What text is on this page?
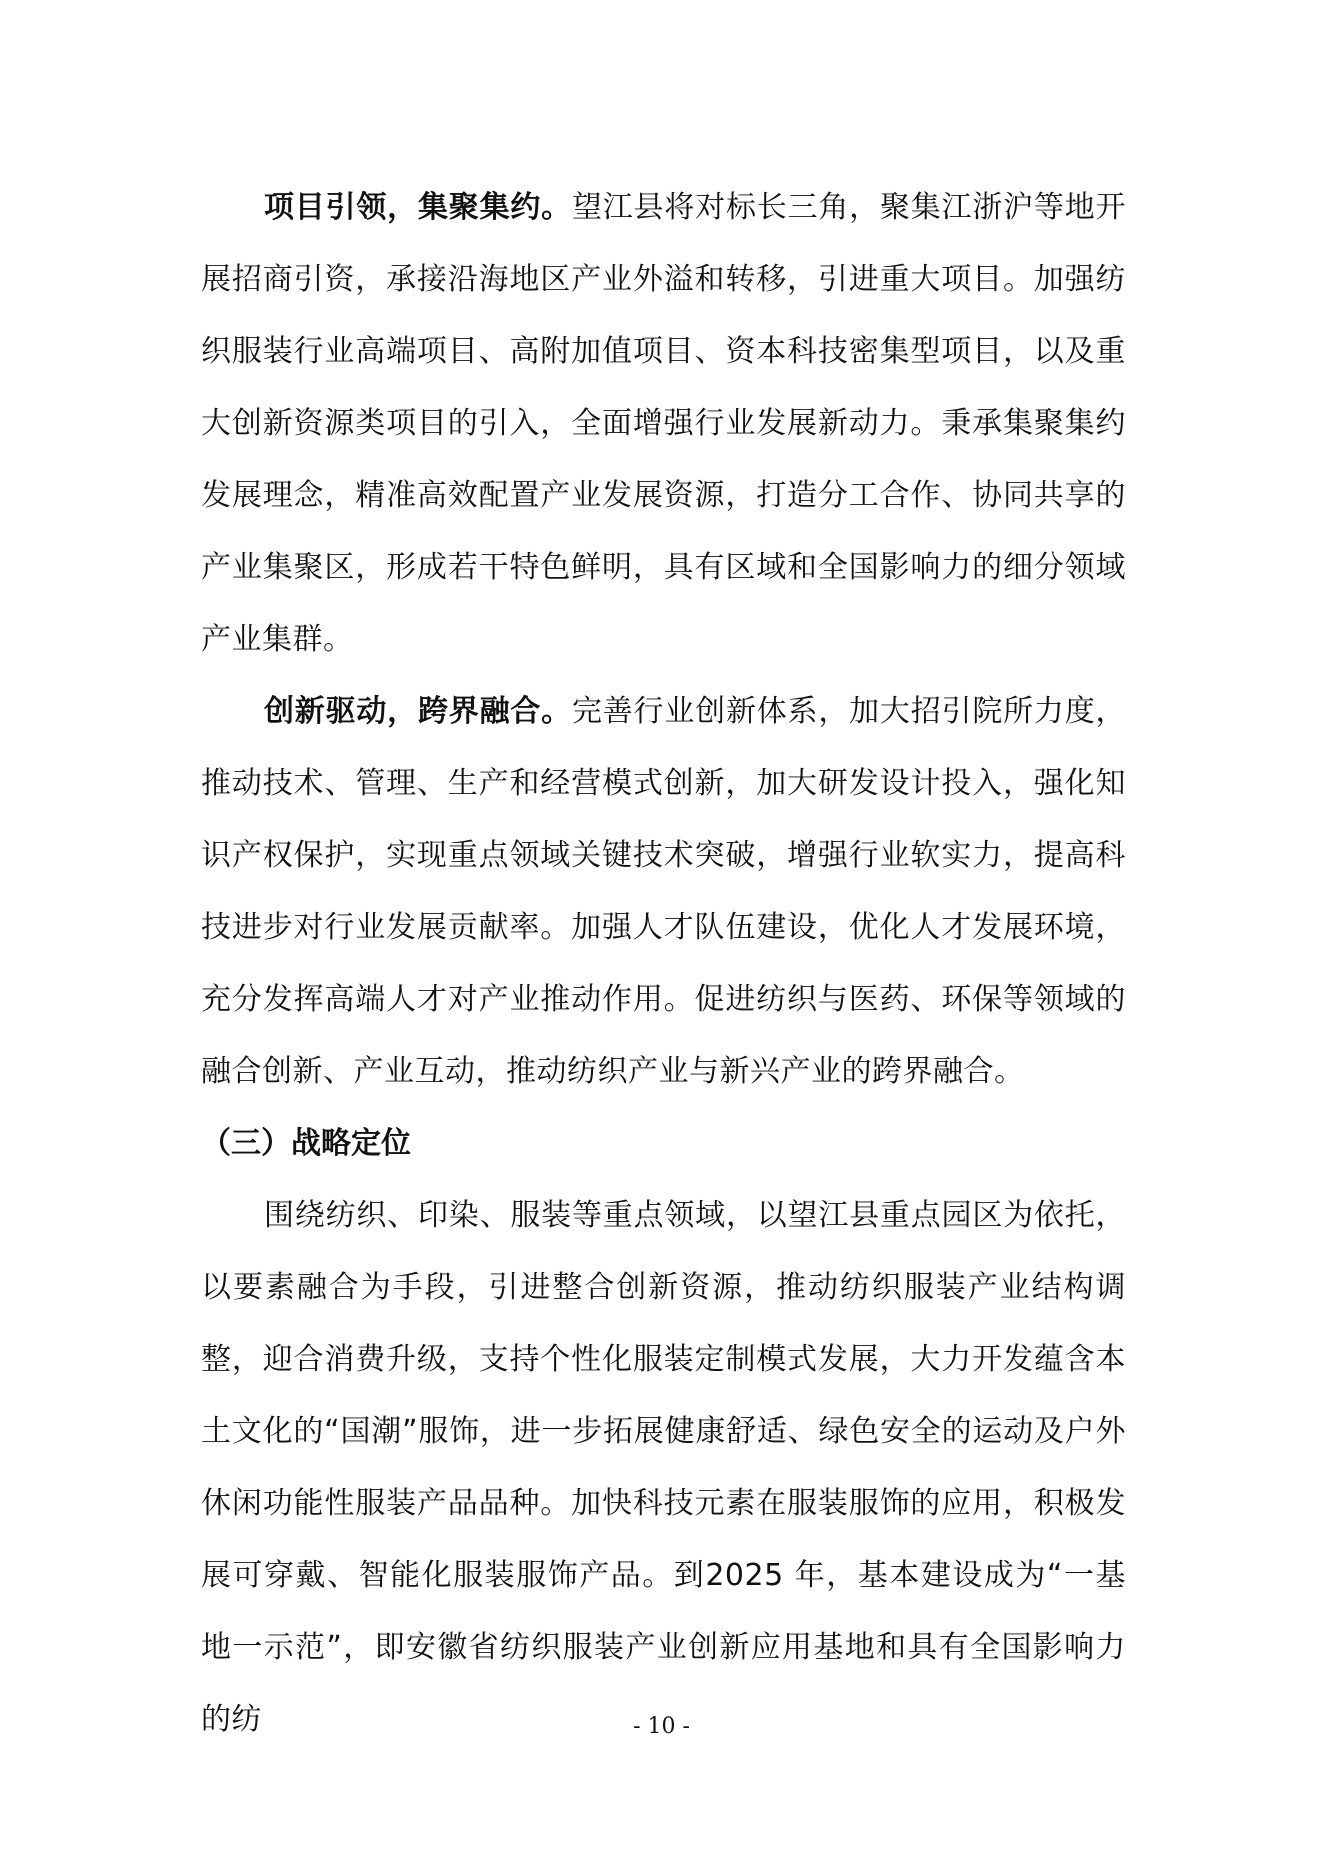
项目引领，集聚集约。望江县将对标长三角，聚集江浙沪等地开展招商引资，承接沿海地区产业外溢和转移，引进重大项目。加强纺织服装行业高端项目、高附加值项目、资本科技密集型项目，以及重大创新资源类项目的引入，全面增强行业发展新动力。秉承集聚集约发展理念，精准高效配置产业发展资源，打造分工合作、协同共享的产业集聚区，形成若干特色鲜明，具有区域和全国影响力的细分领域产业集群。

创新驱动，跨界融合。完善行业创新体系，加大招引院所力度，推动技术、管理、生产和经营模式创新，加大研发设计投入，强化知识产权保护，实现重点领域关键技术突破，增强行业软实力，提高科技进步对行业发展贡献率。加强人才队伍建设，优化人才发展环境，充分发挥高端人才对产业推动作用。促进纺织与医药、环保等领域的融合创新、产业互动，推动纺织产业与新兴产业的跨界融合。

（三）战略定位

围绕纺织、印染、服装等重点领域，以望江县重点园区为依托，以要素融合为手段，引进整合创新资源，推动纺织服装产业结构调整，迎合消费升级，支持个性化服装定制模式发展，大力开发蕴含本土文化的“国潮”服饰，进一步拓展健康舒适、绿色安全的运动及户外休闲功能性服装产品品种。加快科技元素在服装服饰的应用，积极发展可穿戴、智能化服装服饰产品。到2025 年，基本建设成为“一基地一示范”，即安徽省纺织服装产业创新应用基地和具有全国影响力的纺	- 10 -
